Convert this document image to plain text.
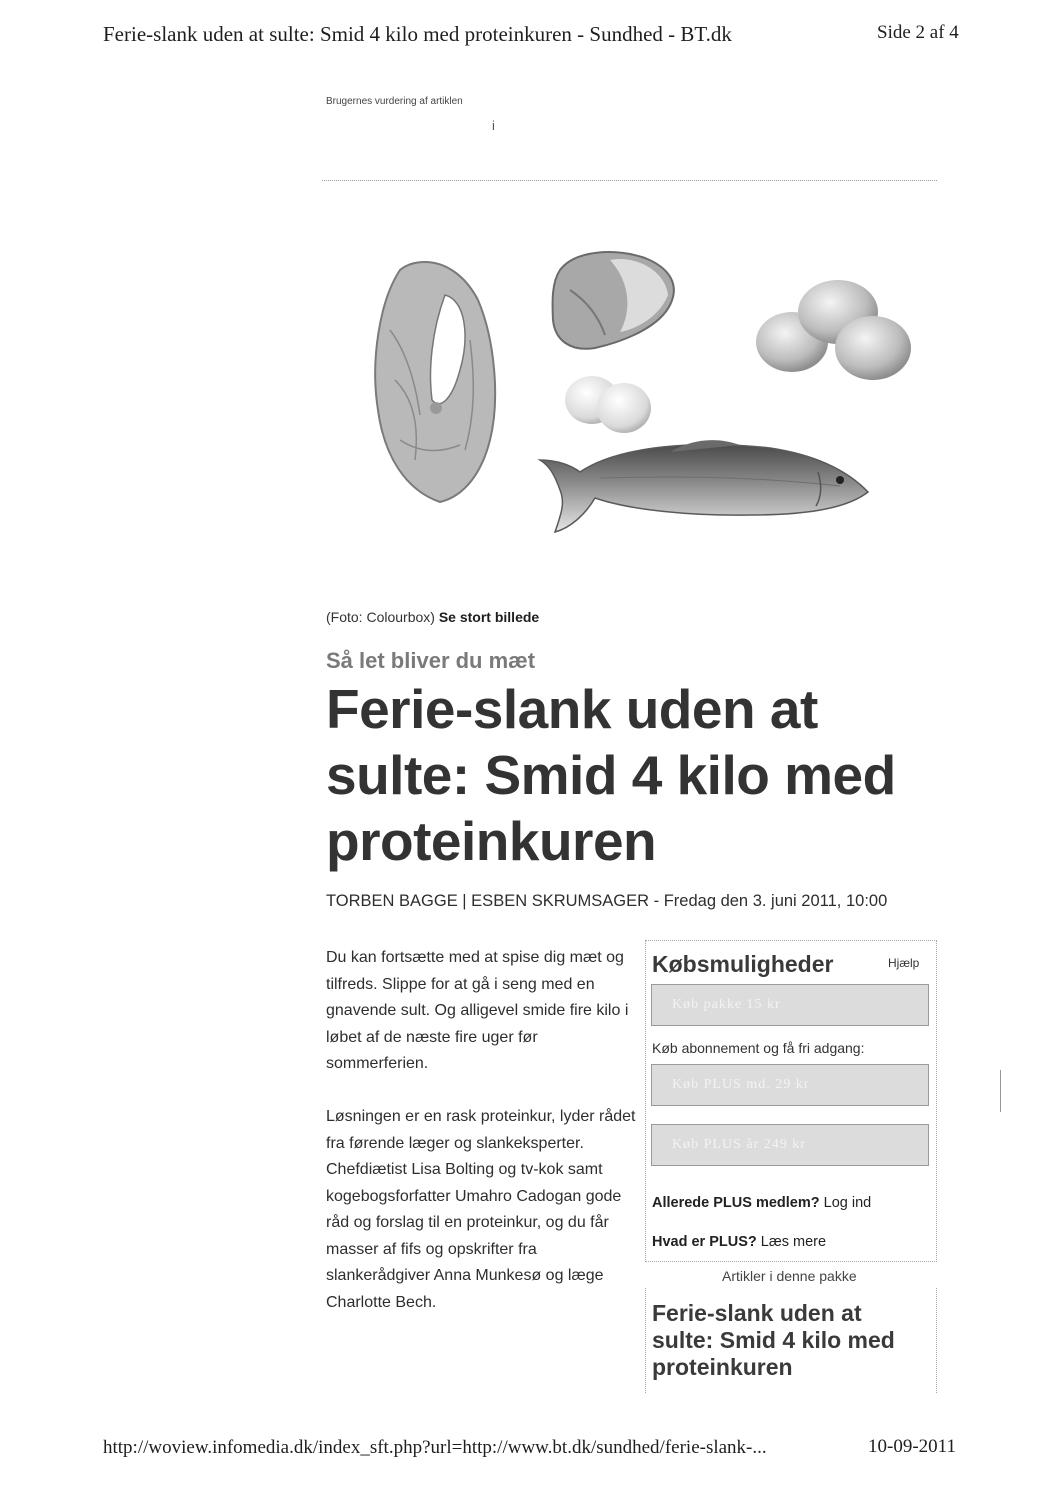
Ferie-slank uden at sulte: Smid 4 kilo med proteinkuren - Sundhed - BT.dk	Side 2 af 4
Brugernes vurdering af artiklen
i
(Foto: Colourbox) Se stort billede
Så let bliver du mæt
Ferie-slank uden at sulte: Smid 4 kilo med proteinkuren
TORBEN BAGGE | ESBEN SKRUMSAGER - Fredag den 3. juni 2011, 10:00
Du kan fortsætte med at spise dig mæt og tilfreds. Slippe for at gå i seng med en gnavende sult. Og alligevel smide fire kilo i løbet af de næste fire uger før sommerferien.
Løsningen er en rask proteinkur, lyder rådet fra førende læger og slankeksperter. Chefdiætist Lisa Bolting og tv-kok samt kogebogsforfatter Umahro Cadogan gode råd og forslag til en proteinkur, og du får masser af fifs og opskrifter fra slankerådgiver Anna Munkesø og læge Charlotte Bech.
Købsmuligheder	Hjælp
Køb pakke 15 kr
Køb abonnement og få fri adgang:
Køb PLUS md. 29 kr
Køb PLUS år 249 kr
Allerede PLUS medlem? Log ind
Hvad er PLUS? Læs mere
Artikler i denne pakke
Ferie-slank uden at sulte: Smid 4 kilo med proteinkuren
http://woview.infomedia.dk/index_sft.php?url=http://www.bt.dk/sundhed/ferie-slank-...	10-09-2011
